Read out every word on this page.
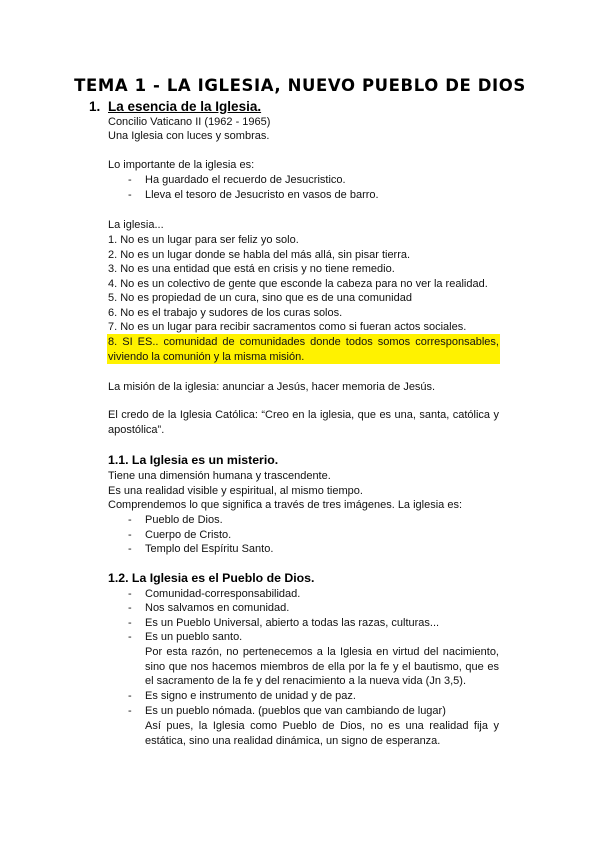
TEMA 1 - LA IGLESIA, NUEVO PUEBLO DE DIOS
1. La esencia de la Iglesia.
Concilio Vaticano II (1962 - 1965)
Una Iglesia con luces y sombras.
Lo importante de la iglesia es:
- Ha guardado el recuerdo de Jesucristico.
- Lleva el tesoro de Jesucristo en vasos de barro.
La iglesia...
1. No es un lugar para ser feliz yo solo.
2. No es un lugar donde se habla del más allá, sin pisar tierra.
3. No es una entidad que está en crisis y no tiene remedio.
4. No es un colectivo de gente que esconde la cabeza para no ver la realidad.
5. No es propiedad de un cura, sino que es de una comunidad
6. No es el trabajo y sudores de los curas solos.
7. No es un lugar para recibir sacramentos como si fueran actos sociales.
8. SI ES.. comunidad de comunidades donde todos somos corresponsables, viviendo la comunión y la misma misión.
La misión de la iglesia: anunciar a Jesús, hacer memoria de Jesús.
El credo de la Iglesia Católica: “Creo en la iglesia, que es una, santa, católica y apostólica”.
1.1. La Iglesia es un misterio.
Tiene una dimensión humana y trascendente.
Es una realidad visible y espiritual, al mismo tiempo.
Comprendemos lo que significa a través de tres imágenes. La iglesia es:
- Pueblo de Dios.
- Cuerpo de Cristo.
- Templo del Espíritu Santo.
1.2. La Iglesia es el Pueblo de Dios.
- Comunidad-corresponsabilidad.
- Nos salvamos en comunidad.
- Es un Pueblo Universal, abierto a todas las razas, culturas...
- Es un pueblo santo.
Por esta razón, no pertenecemos a la Iglesia en virtud del nacimiento, sino que nos hacemos miembros de ella por la fe y el bautismo, que es el sacramento de la fe y del renacimiento a la nueva vida (Jn 3,5).
- Es signo e instrumento de unidad y de paz.
- Es un pueblo nómada. (pueblos que van cambiando de lugar)
Así pues, la Iglesia como Pueblo de Dios, no es una realidad fija y estática, sino una realidad dinámica, un signo de esperanza.
